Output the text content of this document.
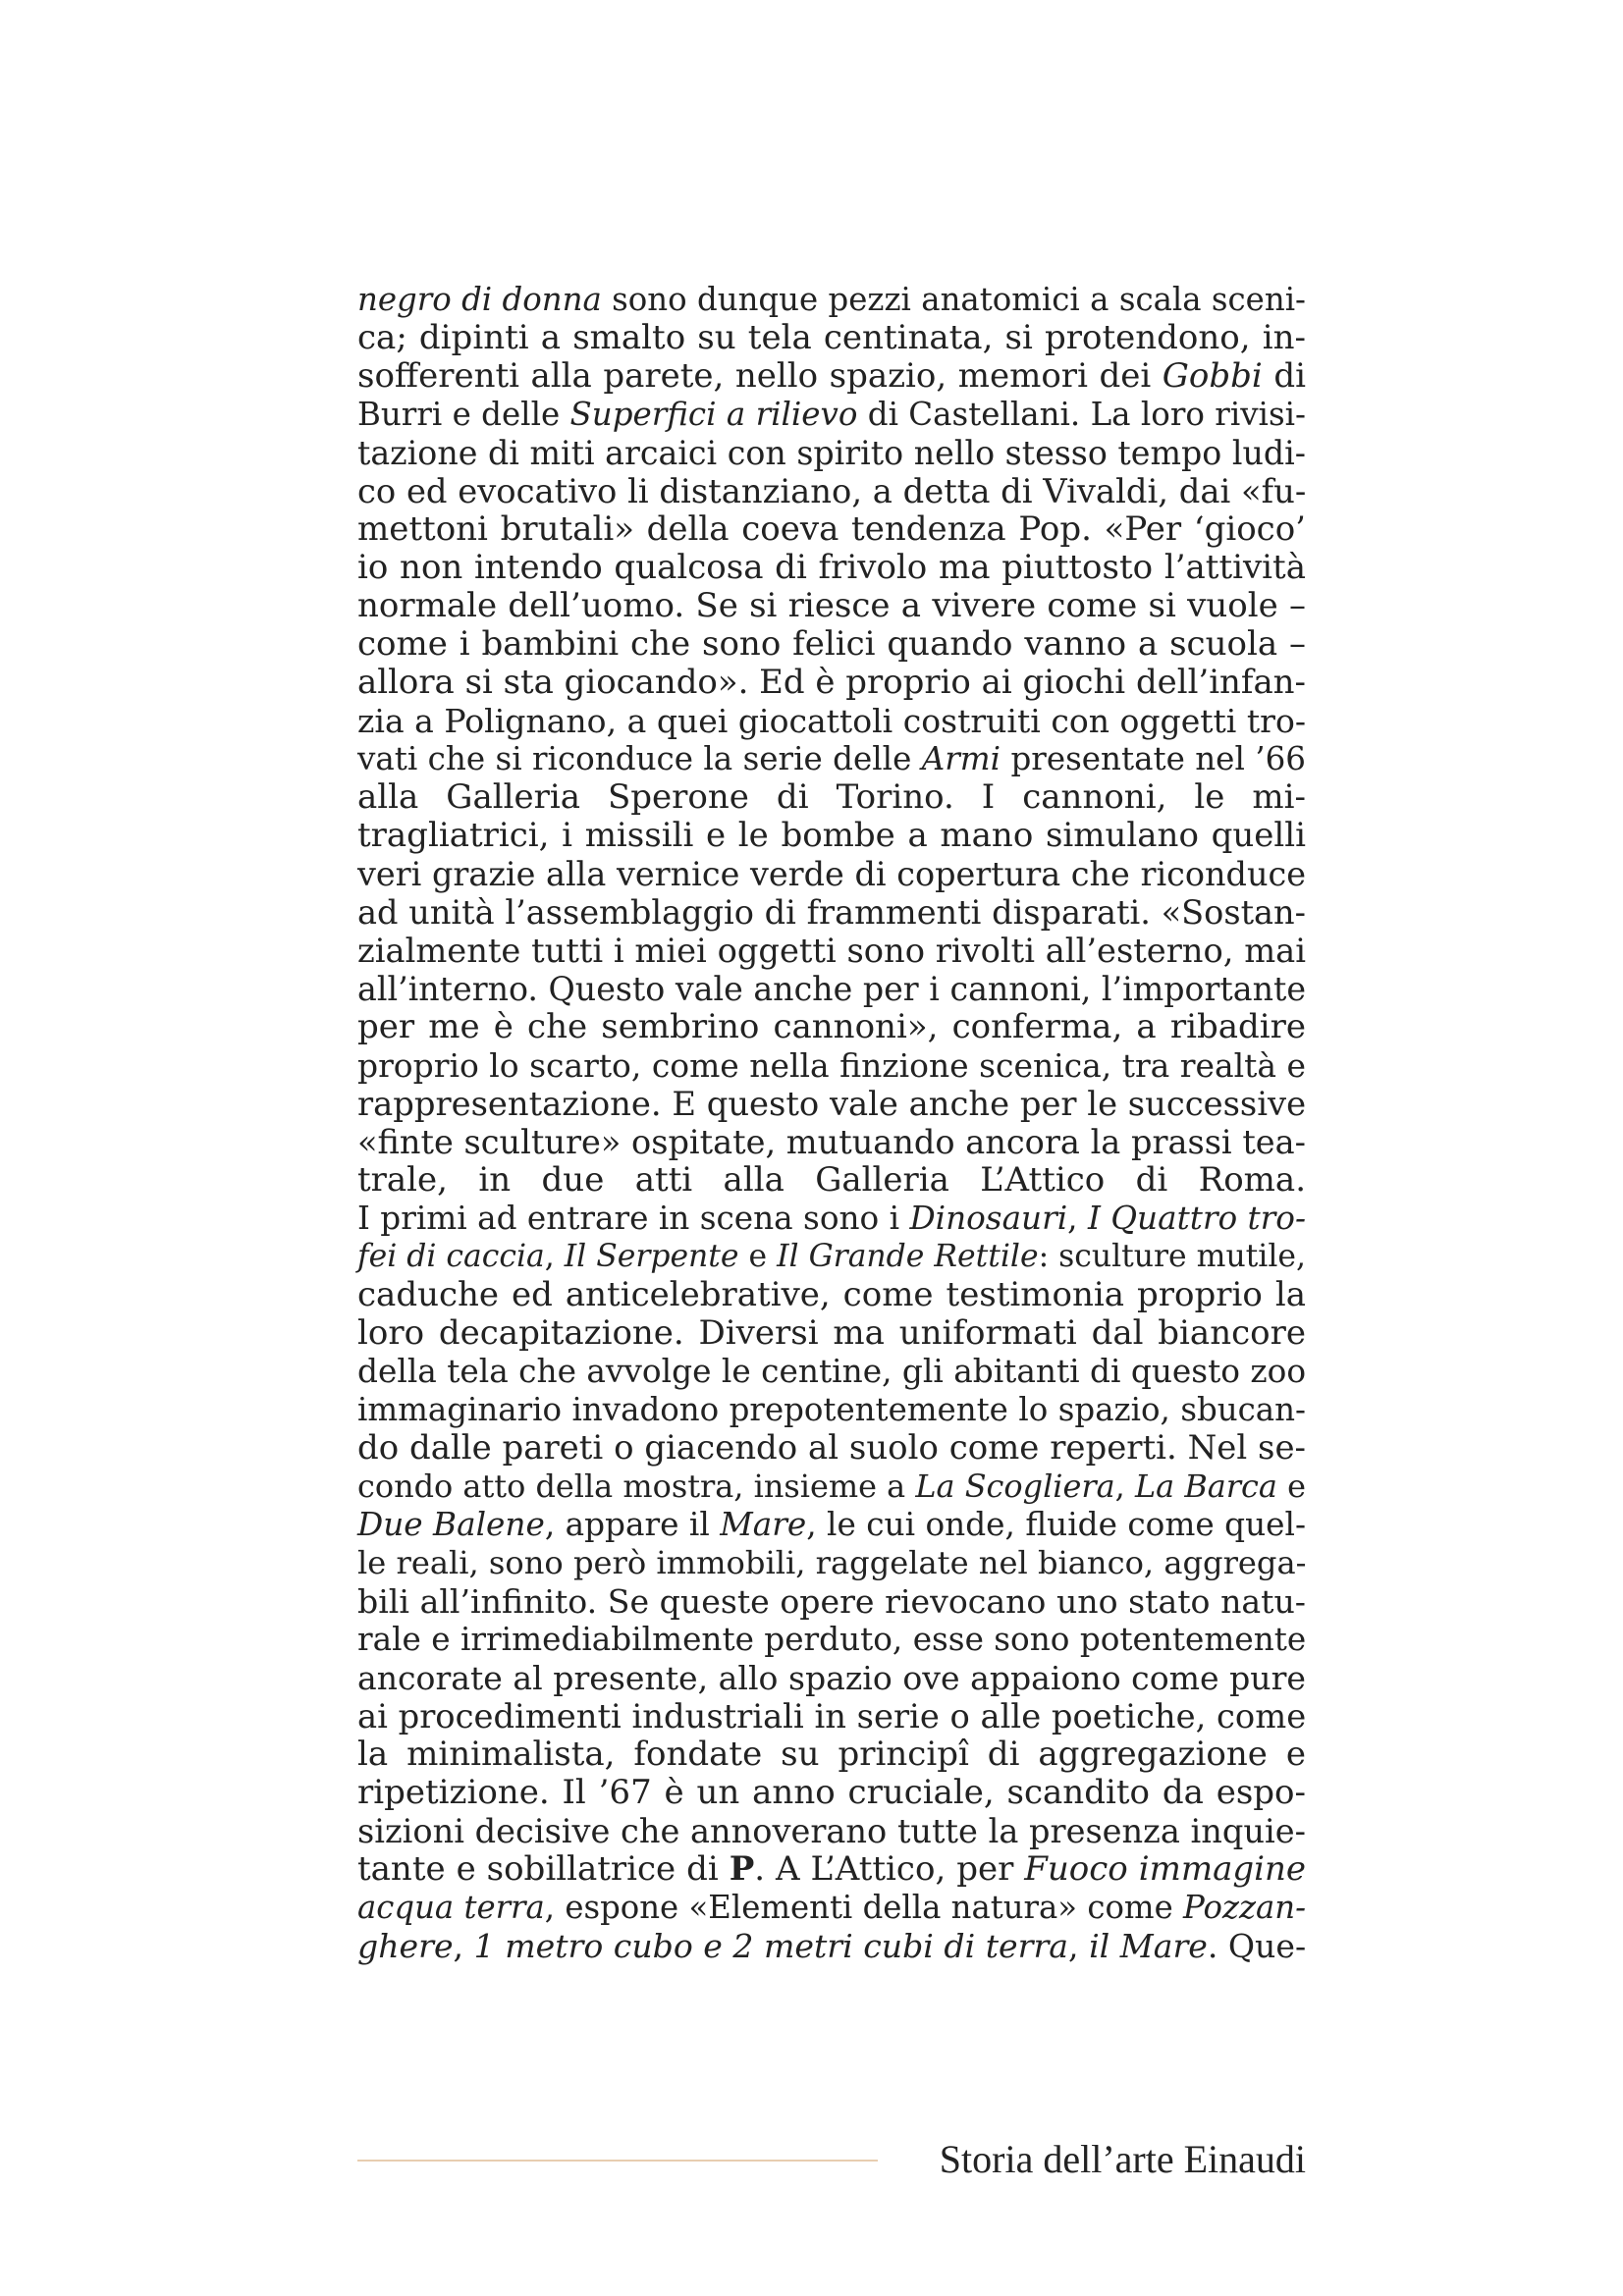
negro di donna sono dunque pezzi anatomici a scala sceni-
ca; dipinti a smalto su tela centinata, si protendono, in-
sofferenti alla parete, nello spazio, memori dei Gobbi di
Burri e delle Superfici a rilievo di Castellani. La loro rivisi-
tazione di miti arcaici con spirito nello stesso tempo ludi-
co ed evocativo li distanziano, a detta di Vivaldi, dai «fu-
mettoni brutali» della coeva tendenza Pop. «Per ‘gioco’
io non intendo qualcosa di frivolo ma piuttosto l’attività
normale dell’uomo. Se si riesce a vivere come si vuole –
come i bambini che sono felici quando vanno a scuola –
allora si sta giocando». Ed è proprio ai giochi dell’infan-
zia a Polignano, a quei giocattoli costruiti con oggetti tro-
vati che si riconduce la serie delle Armi presentate nel ’66
alla Galleria Sperone di Torino. I cannoni, le mi-
tragliatrici, i missili e le bombe a mano simulano quelli
veri grazie alla vernice verde di copertura che riconduce
ad unità l’assemblaggio di frammenti disparati. «Sostan-
zialmente tutti i miei oggetti sono rivolti all’esterno, mai
all’interno. Questo vale anche per i cannoni, l’importante
per me è che sembrino cannoni», conferma, a ribadire
proprio lo scarto, come nella finzione scenica, tra realtà e
rappresentazione. E questo vale anche per le successive
«finte sculture» ospitate, mutuando ancora la prassi tea-
trale, in due atti alla Galleria L’Attico di Roma.
I primi ad entrare in scena sono i Dinosauri, I Quattro tro-
fei di caccia, Il Serpente e Il Grande Rettile: sculture mutile,
caduche ed anticelebrative, come testimonia proprio la
loro decapitazione. Diversi ma uniformati dal biancore
della tela che avvolge le centine, gli abitanti di questo zoo
immaginario invadono prepotentemente lo spazio, sbucan-
do dalle pareti o giacendo al suolo come reperti. Nel se-
condo atto della mostra, insieme a La Scogliera, La Barca e
Due Balene, appare il Mare, le cui onde, fluide come quel-
le reali, sono però immobili, raggelate nel bianco, aggrega-
bili all’infinito. Se queste opere rievocano uno stato natu-
rale e irrimediabilmente perduto, esse sono potentemente
ancorate al presente, allo spazio ove appaiono come pure
ai procedimenti industriali in serie o alle poetiche, come
la minimalista, fondate su principî di aggregazione e
ripetizione. Il ’67 è un anno cruciale, scandito da espo-
sizioni decisive che annoverano tutte la presenza inquie-
tante e sobillatrice di P. A L’Attico, per Fuoco immagine
acqua terra, espone «Elementi della natura» come Pozzan-
ghere, 1 metro cubo e 2 metri cubi di terra, il Mare. Que-
Storia dell’arte Einaudi
